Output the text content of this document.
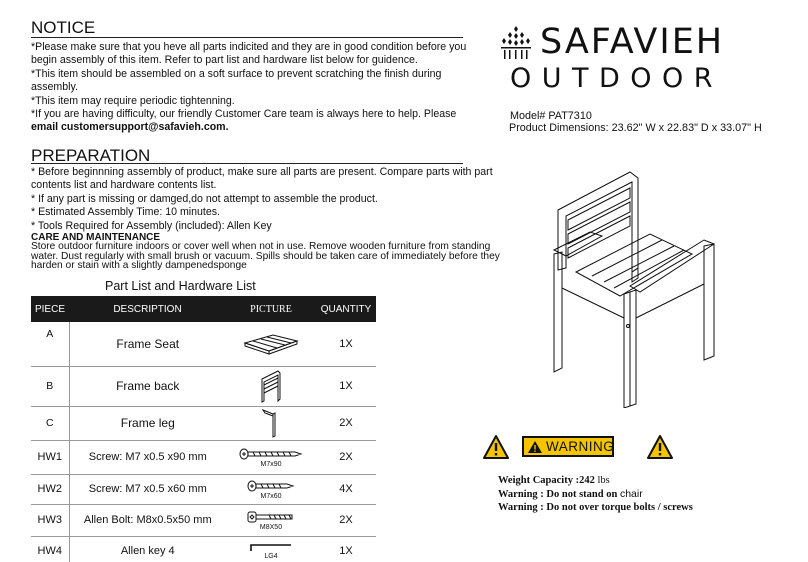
NOTICE
*Please make sure that you heve all parts indicited and they are in good condition before you
begin assembly of this item. Refer to part list and hardware list below for guidence.
*This item should be assembled on a soft surface to prevent scratching the finish during
assembly.
*This item may require periodic tightenning.
*If you are having difficulty, our friendly Customer Care team is always here to help. Please
email customersupport@safavieh.com.
PREPARATION
* Before beginnning assembly of product, make sure all parts are present. Compare parts with part
contents list and hardware contents list.
* If any part is missing or damged,do not attempt to assemble the product.
* Estimated Assembly Time: 10 minutes.
* Tools Required for Assembly (included): Allen Key
CARE AND MAINTENANCE
Store outdoor furniture indoors or cover well when not in use. Remove wooden furniture from standing water. Dust regularly with small brush or vacuum. Spills should be taken care of immediately before they harden or stain with a slightly dampenedsponge
SAFAVIEH
OUTDOOR
Model# PAT7310
Product Dimensions: 23.62" W x 22.83" D x 33.07" H
Part List and Hardware List
PIECE	DESCRIPTION	PICTURE	QUANTITY
A	Frame Seat		1X
B	Frame back		1X
C	Frame leg		2X
HW1	Screw: M7 x0.5 x90 mm	M7x90	2X
HW2	Screw: M7 x0.5 x60 mm	M7x60	4X
HW3	Allen Bolt: M8x0.5x50 mm	M8X50	2X
HW4	Allen key 4	LG4	1X
WARNING
Weight Capacity :242 lbs
Warning : Do not stand on chair
Warning : Do not over torque bolts / screws
